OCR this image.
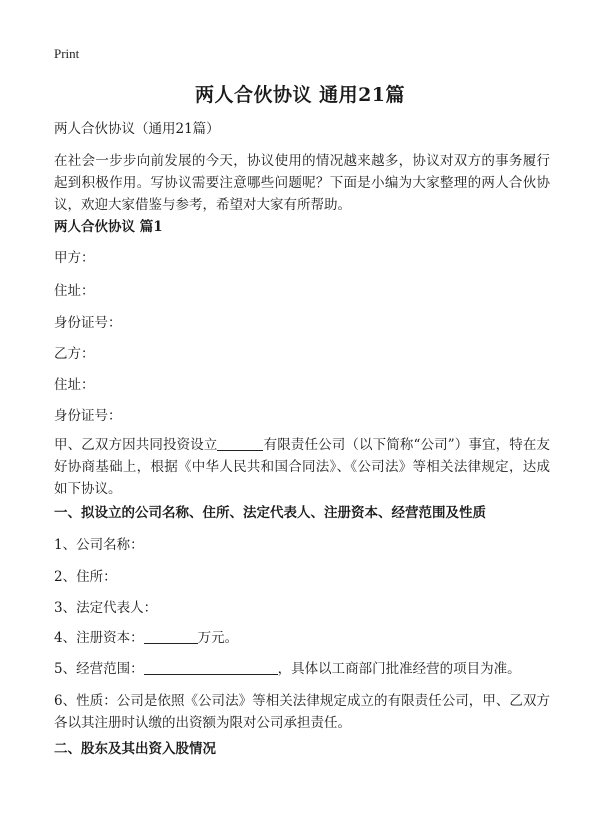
Print
两人合伙协议 通用21篇
两人合伙协议（通用21篇）
在社会一步步向前发展的今天，协议使用的情况越来越多，协议对双方的事务履行起到积极作用。写协议需要注意哪些问题呢？下面是小编为大家整理的两人合伙协议，欢迎大家借鉴与参考，希望对大家有所帮助。
两人合伙协议 篇1
甲方：
住址：
身份证号：
乙方：
住址：
身份证号：
甲、乙双方因共同投资设立	有限责任公司（以下简称“公司”）事宜，特在友好协商基础上，根据《中华人民共和国合同法》、《公司法》等相关法律规定，达成如下协议。
一、拟设立的公司名称、住所、法定代表人、注册资本、经营范围及性质
1、公司名称：
2、住所：
3、法定代表人：
4、注册资本：	万元。
5、经营范围：	，具体以工商部门批准经营的项目为准。
6、性质：公司是依照《公司法》等相关法律规定成立的有限责任公司，甲、乙双方各以其注册时认缴的出资额为限对公司承担责任。
二、股东及其出资入股情况
